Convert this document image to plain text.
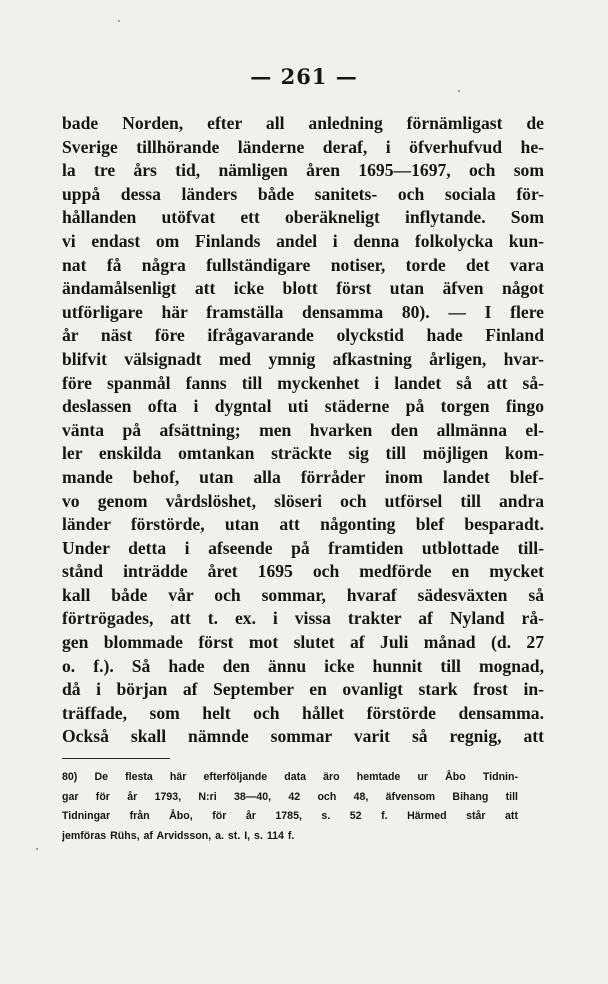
— 261 —
bade Norden, efter all anledning förnämligast de
Sverige tillhörande länderne deraf, i öfverhufvud he-
la tre års tid, nämligen åren 1695—1697, och som
uppå dessa länders både sanitets- och sociala för-
hållanden utöfvat ett oberäkneligt inflytande. Som
vi endast om Finlands andel i denna folkolycka kun-
nat få några fullständigare notiser, torde det vara
ändamålsenligt att icke blott först utan äfven något
utförligare här framställa densamma 80). — I flere
år näst före ifrågavarande olyckstid hade Finland
blifvit välsignadt med ymnig afkastning årligen, hvar-
före spanmål fanns till myckenhet i landet så att så-
deslassen ofta i dygntal uti städerne på torgen fingo
vänta på afsättning; men hvarken den allmänna el-
ler enskilda omtankan sträckte sig till möjligen kom-
mande behof, utan alla förråder inom landet blef-
vo genom vårdslöshet, slöseri och utförsel till andra
länder förstörde, utan att någonting blef besparadt.
Under detta i afseende på framtiden utblottade till-
stånd inträdde året 1695 och medförde en mycket
kall både vår och sommar, hvaraf sädesväxten så
förtrögades, att t. ex. i vissa trakter af Nyland rå-
gen blommade först mot slutet af Juli månad (d. 27
o. f.). Så hade den ännu icke hunnit till mognad,
då i början af September en ovanligt stark frost in-
träffade, som helt och hållet förstörde densamma.
Också skall nämnde sommar varit så regnig, att
80) De flesta här efterföljande data äro hemtade ur Åbo Tidnin-
gar för år 1793, N:ri 38—40, 42 och 48, äfvensom Bihang till
Tidningar från Åbo, för år 1785, s. 52 f. Härmed står att
jemföras Rühs, af Arvidsson, a. st. I, s. 114 f.
